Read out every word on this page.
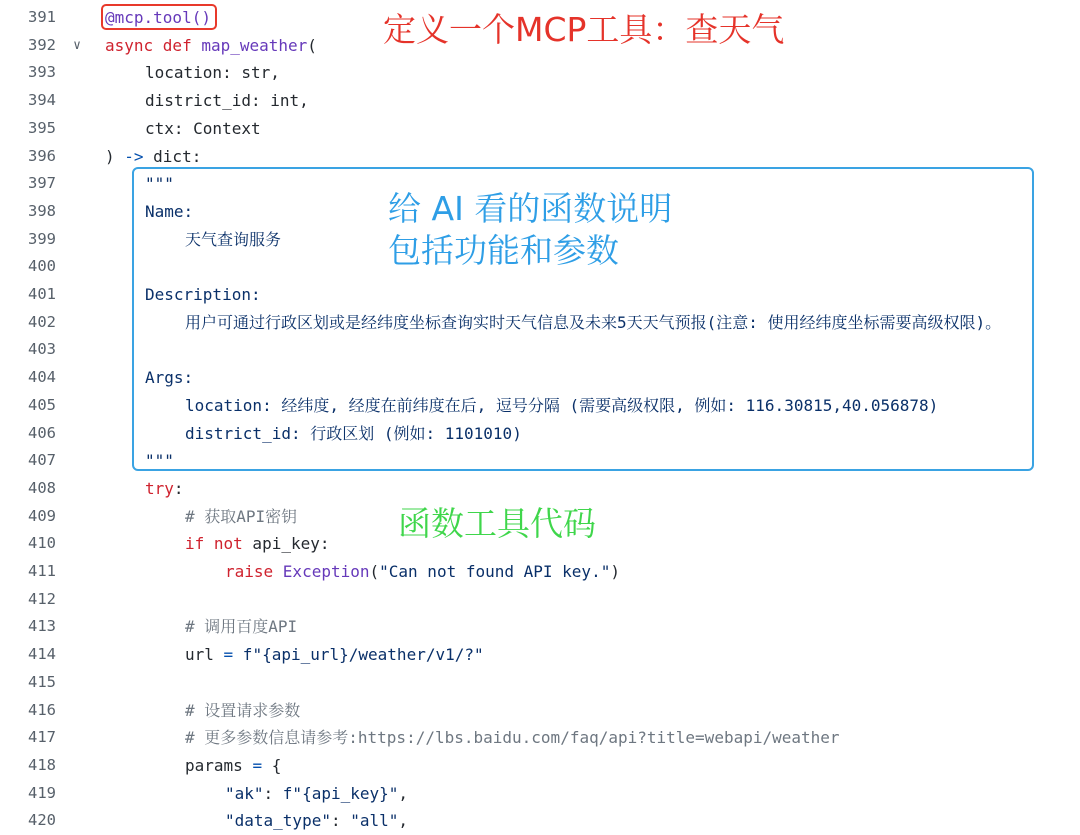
391	@mcp.tool()
392	∨	async def map_weather(
393	location: str,
394	district_id: int,
395	ctx: Context
396	) -> dict:
397	"""
398	Name:
399	天气查询服务
400
401	Description:
402	用户可通过行政区划或是经纬度坐标查询实时天气信息及未来5天天气预报(注意: 使用经纬度坐标需要高级权限)。
403
404	Args:
405	location: 经纬度, 经度在前纬度在后, 逗号分隔 (需要高级权限, 例如: 116.30815,40.056878)
406	district_id: 行政区划 (例如: 1101010)
407	"""
408	try:
409	# 获取API密钥
410	if not api_key:
411	raise Exception("Can not found API key.")
412
413	# 调用百度API
414	url = f"{api_url}/weather/v1/?"
415
416	# 设置请求参数
417	# 更多参数信息请参考:https://lbs.baidu.com/faq/api?title=webapi/weather
418	params = {
419	"ak": f"{api_key}",
420	"data_type": "all",
定义一个MCP工具：查天气
给 AI 看的函数说明
包括功能和参数
函数工具代码
